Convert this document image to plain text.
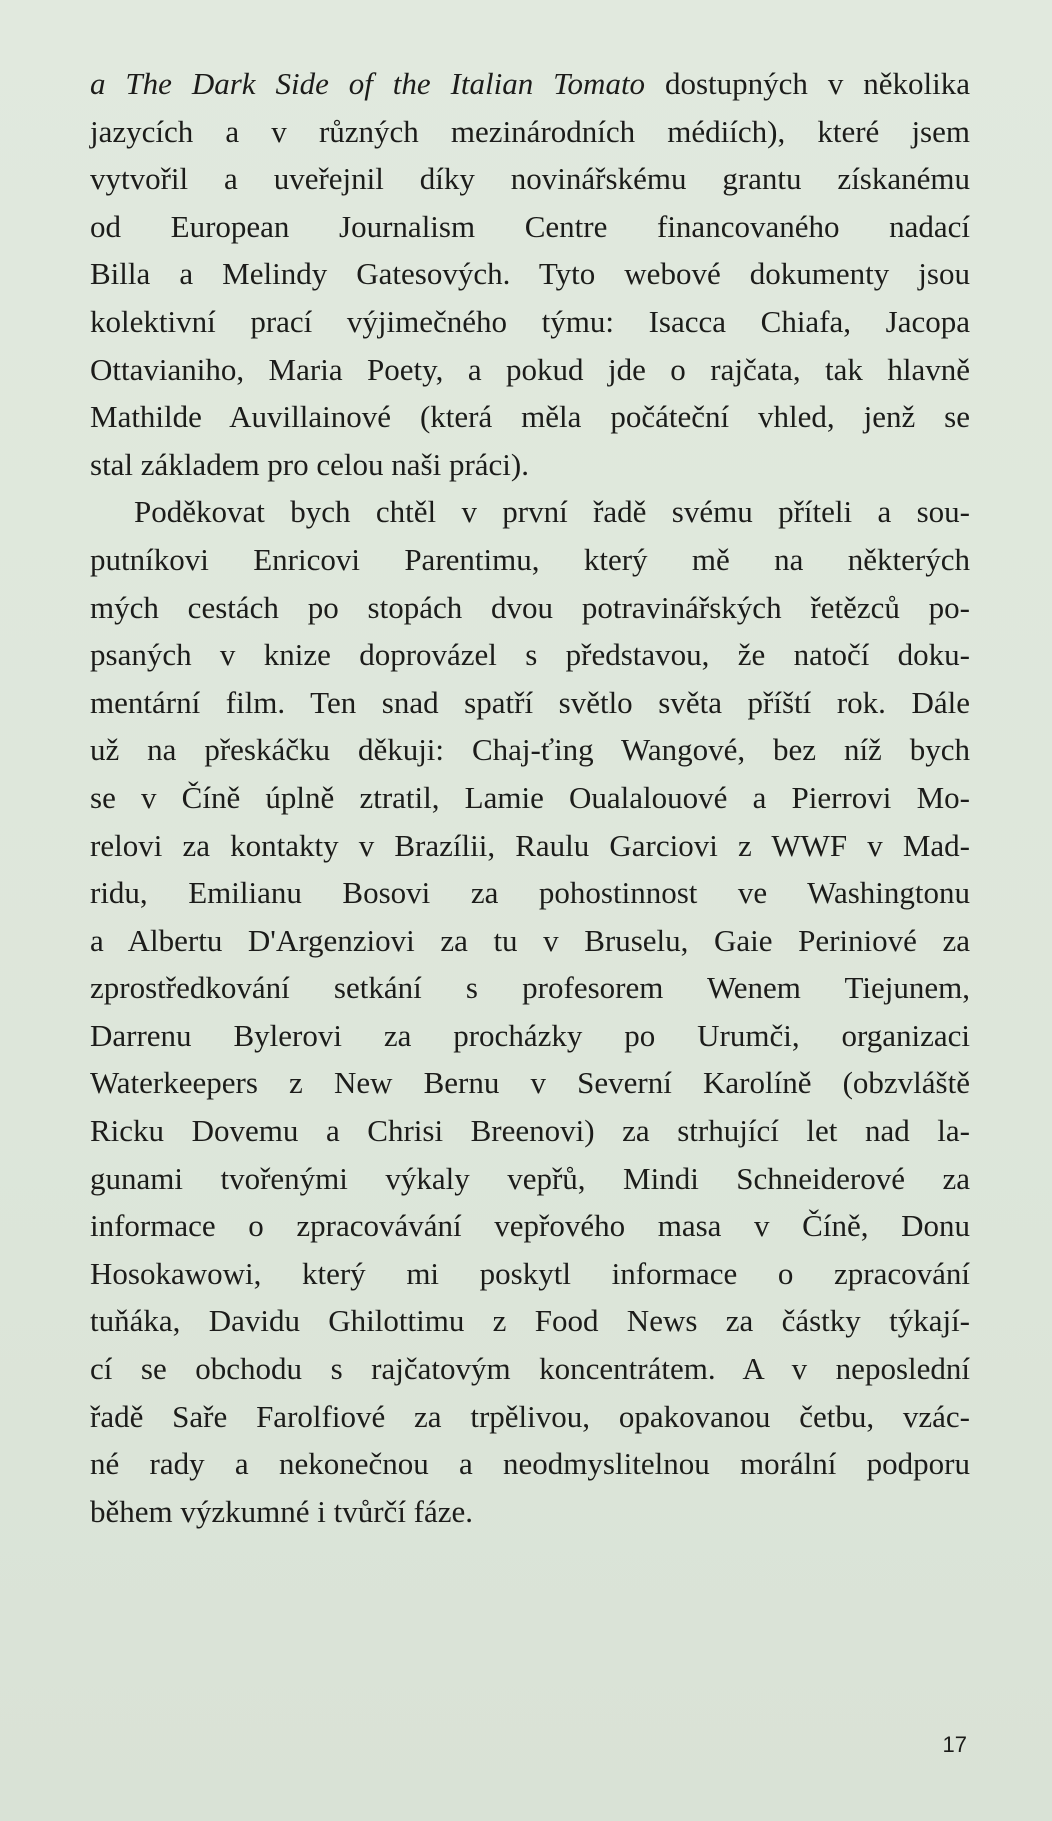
a The Dark Side of the Italian Tomato dostupných v několika
jazycích a v různých mezinárodních médiích), které jsem
vytvořil a uveřejnil díky novinářskému grantu získanému
od European Journalism Centre financovaného nadací
Billa a Melindy Gatesových. Tyto webové dokumenty jsou
kolektivní prací výjimečného týmu: Isacca Chiafa, Jacopa
Ottavianiho, Maria Poety, a pokud jde o rajčata, tak hlavně
Mathilde Auvillainové (která měla počáteční vhled, jenž se
stal základem pro celou naši práci).

Poděkovat bych chtěl v první řadě svému příteli a sou-
putníkovi Enricovi Parentimu, který mě na některých
mých cestách po stopách dvou potravinářských řetězců po-
psaných v knize doprovázel s představou, že natočí doku-
mentární film. Ten snad spatří světlo světa příští rok. Dále
už na přeskáčku děkuji: Chaj-ťing Wangové, bez níž bych
se v Číně úplně ztratil, Lamie Oualalouové a Pierrovi Mo-
relovi za kontakty v Brazílii, Raulu Garciovi z WWF v Mad-
ridu, Emilianu Bosovi za pohostinnost ve Washingtonu
a Albertu D'Argenziovi za tu v Bruselu, Gaie Periniové za
zprostředkování setkání s profesorem Wenem Tiejunem,
Darrenu Bylerovi za procházky po Urumči, organizaci
Waterkeepers z New Bernu v Severní Karolíně (obzvláště
Ricku Dovemu a Chrisi Breenovi) za strhující let nad la-
gunami tvořenými výkaly vepřů, Mindi Schneiderové za
informace o zpracovávání vepřového masa v Číně, Donu
Hosokawowi, který mi poskytl informace o zpracování
tuňáka, Davidu Ghilottimu z Food News za částky týkají-
cí se obchodu s rajčatovým koncentrátem. A v neposlední
řadě Saře Farolfiové za trpělivou, opakovanou četbu, vzác-
né rady a nekonečnou a neodmyslitelnou morální podporu
během výzkumné i tvůrčí fáze.

17
